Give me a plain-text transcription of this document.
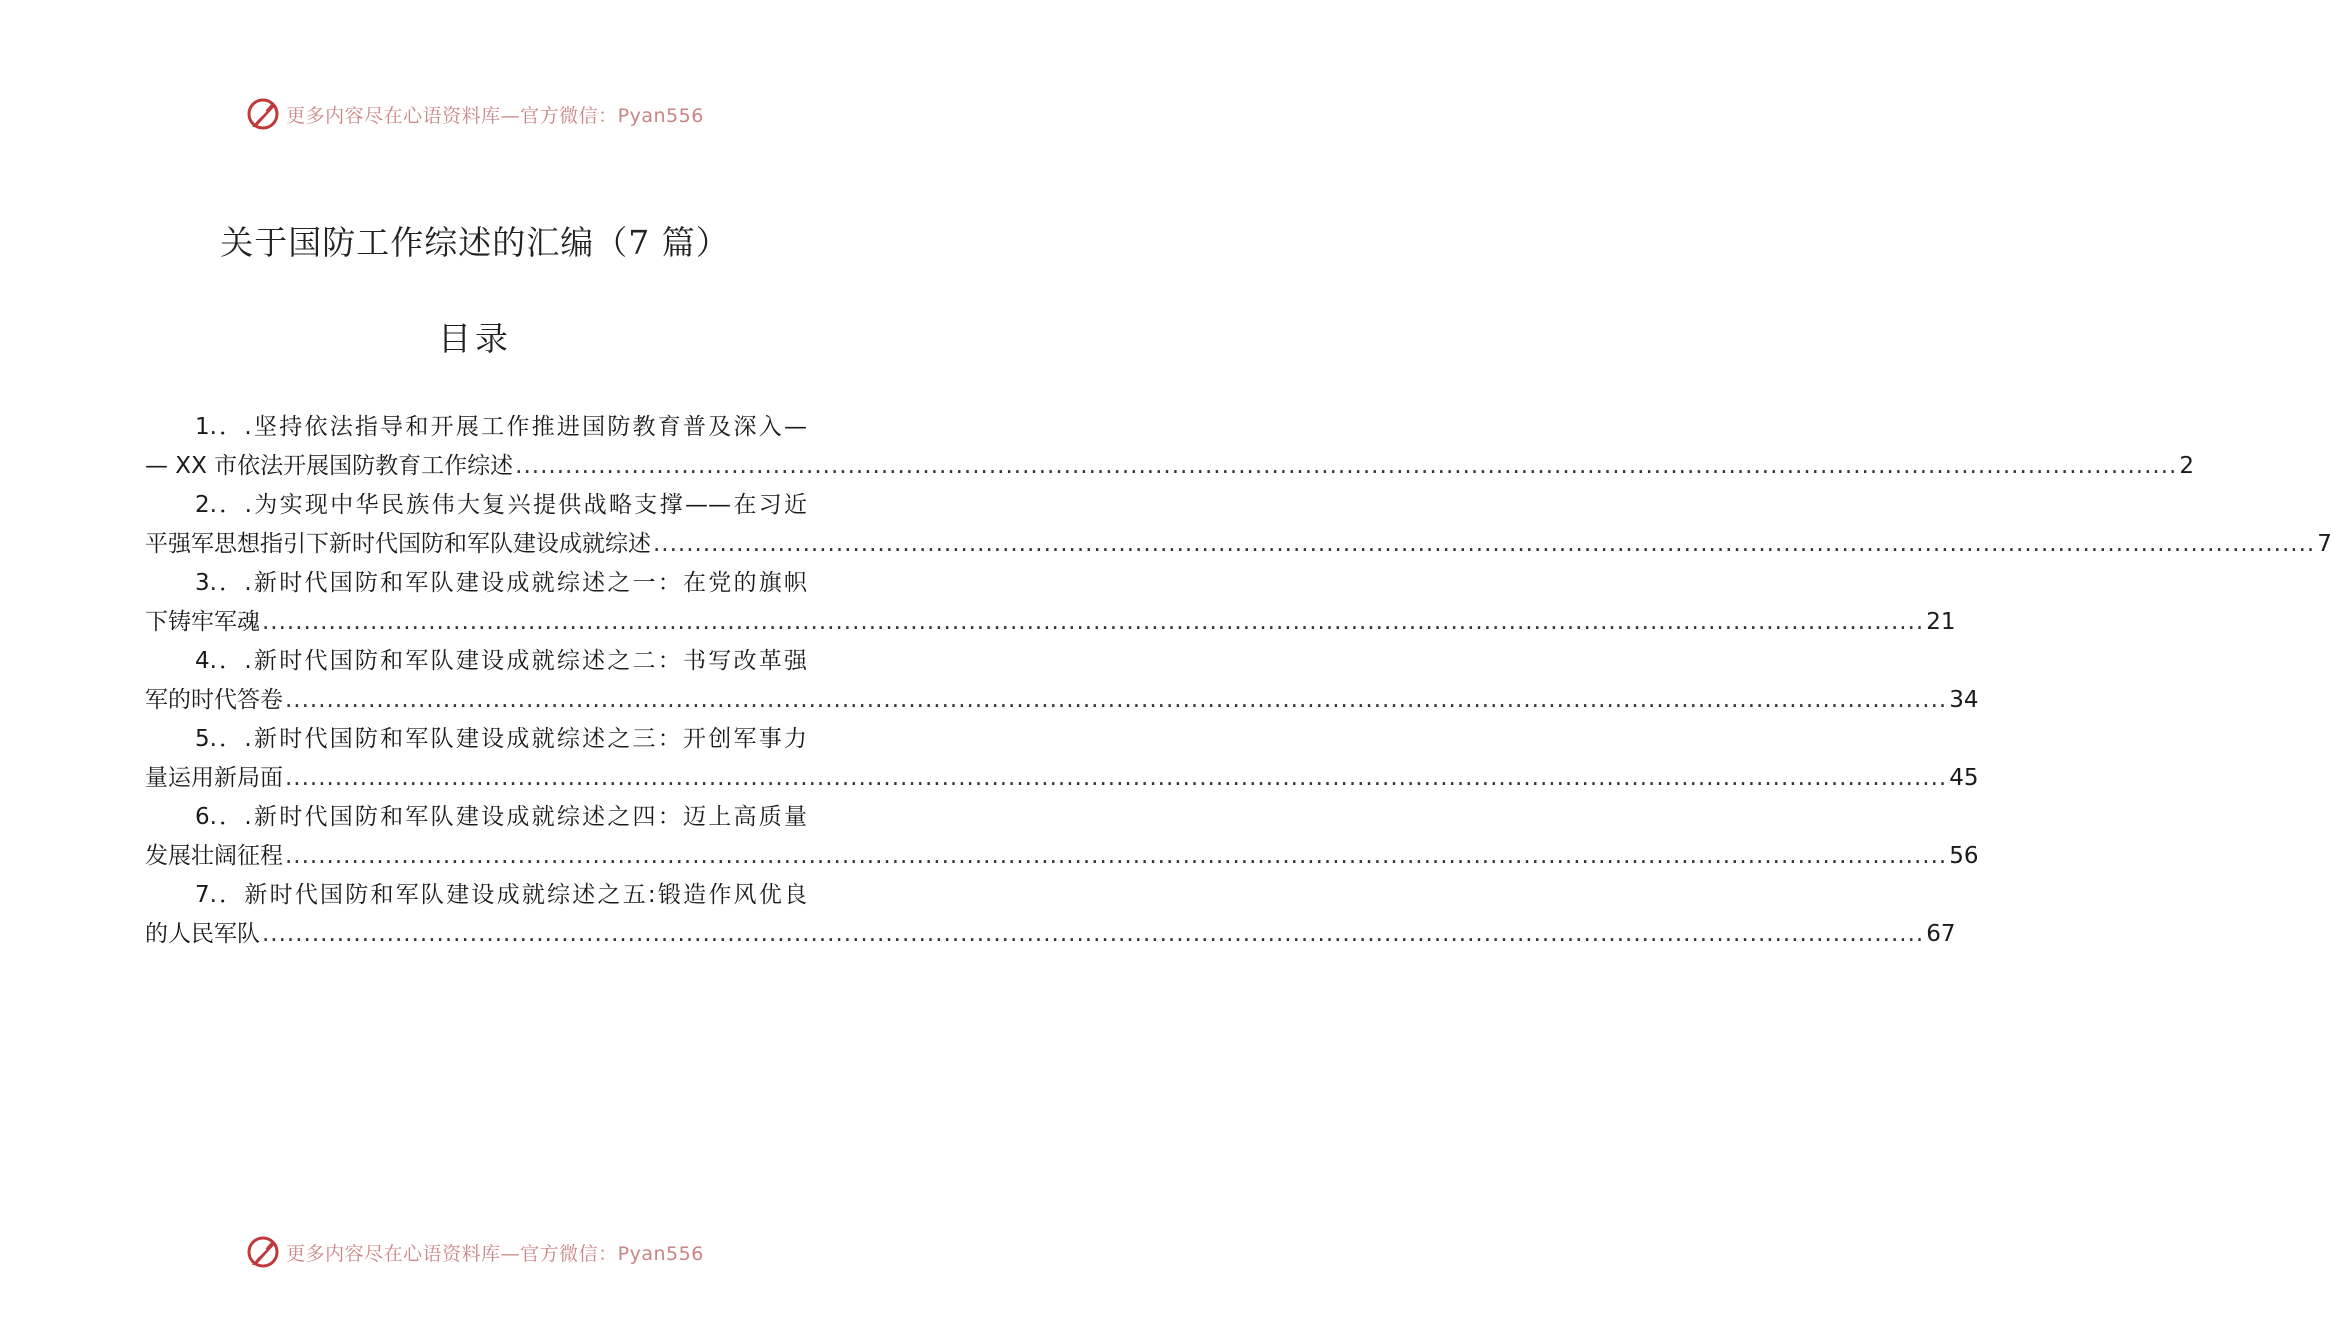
更多内容尽在心语资料库—官方微信：Pyan556
关于国防工作综述的汇编（7 篇）
目录
1.．.坚持依法指导和开展工作推进国防教育普及深入—
— XX 市依法开展国防教育工作综述 ........................................................................................................................................................................................................ 2
2.．.为实现中华民族伟大复兴提供战略支撑——在习近
平强军思想指引下新时代国防和军队建设成就综述 ........................................................................................................................................................................................................ 7
3.．.新时代国防和军队建设成就综述之一：在党的旗帜
下铸牢军魂 ........................................................................................................................................................................................................ 21
4.．.新时代国防和军队建设成就综述之二：书写改革强
军的时代答卷 ........................................................................................................................................................................................................ 34
5.．.新时代国防和军队建设成就综述之三：开创军事力
量运用新局面 ........................................................................................................................................................................................................ 45
6.．.新时代国防和军队建设成就综述之四：迈上高质量
发展壮阔征程 ........................................................................................................................................................................................................ 56
7.．新时代国防和军队建设成就综述之五:锻造作风优良
的人民军队 ........................................................................................................................................................................................................ 67
更多内容尽在心语资料库—官方微信：Pyan556
